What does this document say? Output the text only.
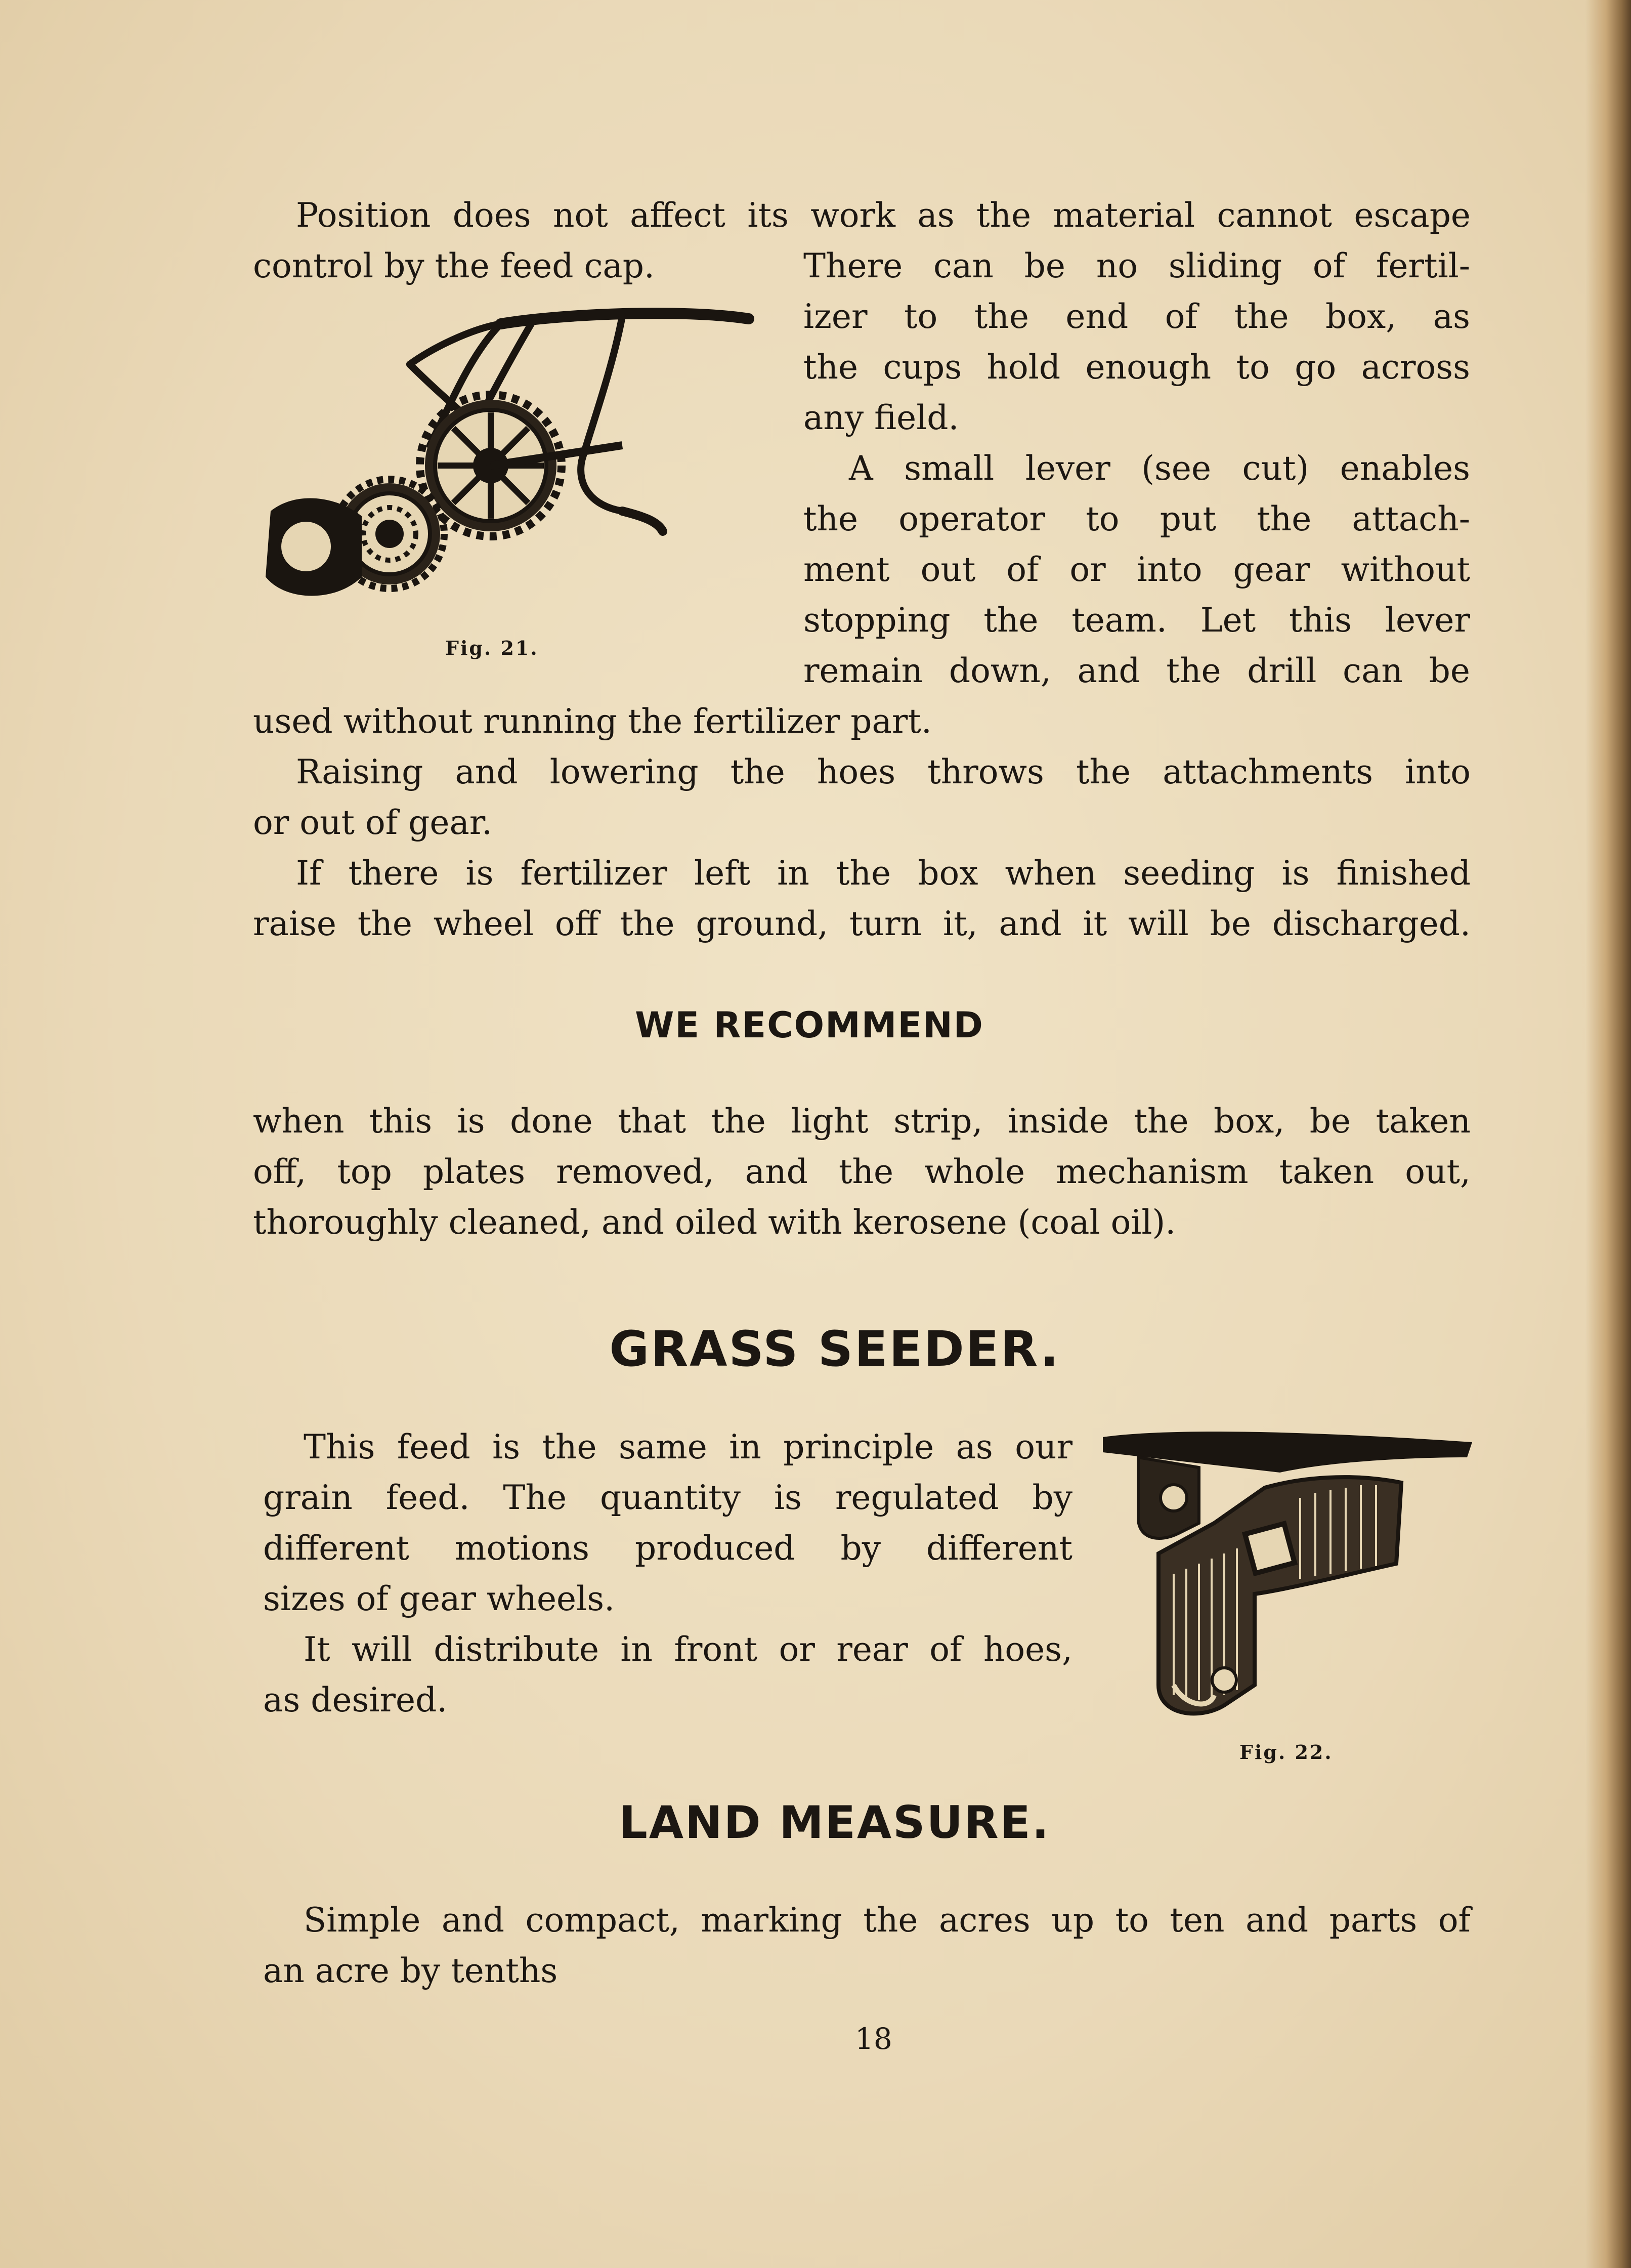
Position does not affect its work as the material cannot escape

control by the feed cap.	There can be no sliding of fertil-

izer to the end of the box, as

the cups hold enough to go across

any field.

A small lever (see cut) enables

the operator to put the attach-

ment out of or into gear without

stopping the team. Let this lever

remain down, and the drill can be

Fig. 21.

used without running the fertilizer part.

Raising and lowering the hoes throws the attachments into

or out of gear.

If there is fertilizer left in the box when seeding is finished

raise the wheel off the ground, turn it, and it will be discharged.

WE RECOMMEND

when this is done that the light strip, inside the box, be taken

off, top plates removed, and the whole mechanism taken out,

thoroughly cleaned, and oiled with kerosene (coal oil).

GRASS SEEDER.

This feed is the same in principle as our

grain feed. The quantity is regulated by

different motions produced by different

sizes of gear wheels.

It will distribute in front or rear of hoes,

as desired.

Fig. 22.
LAND MEASURE.

Simple and compact, marking the acres up to ten and parts of

an acre by tenths

18
